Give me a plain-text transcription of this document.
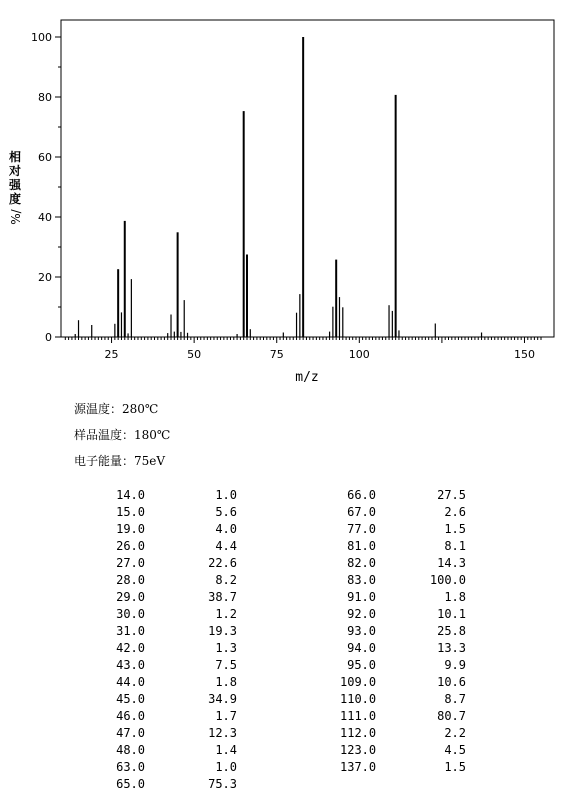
25	50	75	100	150
0
20
40
60
80
100
m/z
相对强度
%/
源温度：280℃
样品温度：180℃
电子能量：75eV
14.0	1.0
15.0	5.6
19.0	4.0
26.0	4.4
27.0	22.6
28.0	8.2
29.0	38.7
30.0	1.2
31.0	19.3
42.0	1.3
43.0	7.5
44.0	1.8
45.0	34.9
46.0	1.7
47.0	12.3
48.0	1.4
63.0	1.0
65.0	75.3
66.0	27.5
67.0	2.6
77.0	1.5
81.0	8.1
82.0	14.3
83.0	100.0
91.0	1.8
92.0	10.1
93.0	25.8
94.0	13.3
95.0	9.9
109.0	10.6
110.0	8.7
111.0	80.7
112.0	2.2
123.0	4.5
137.0	1.5
